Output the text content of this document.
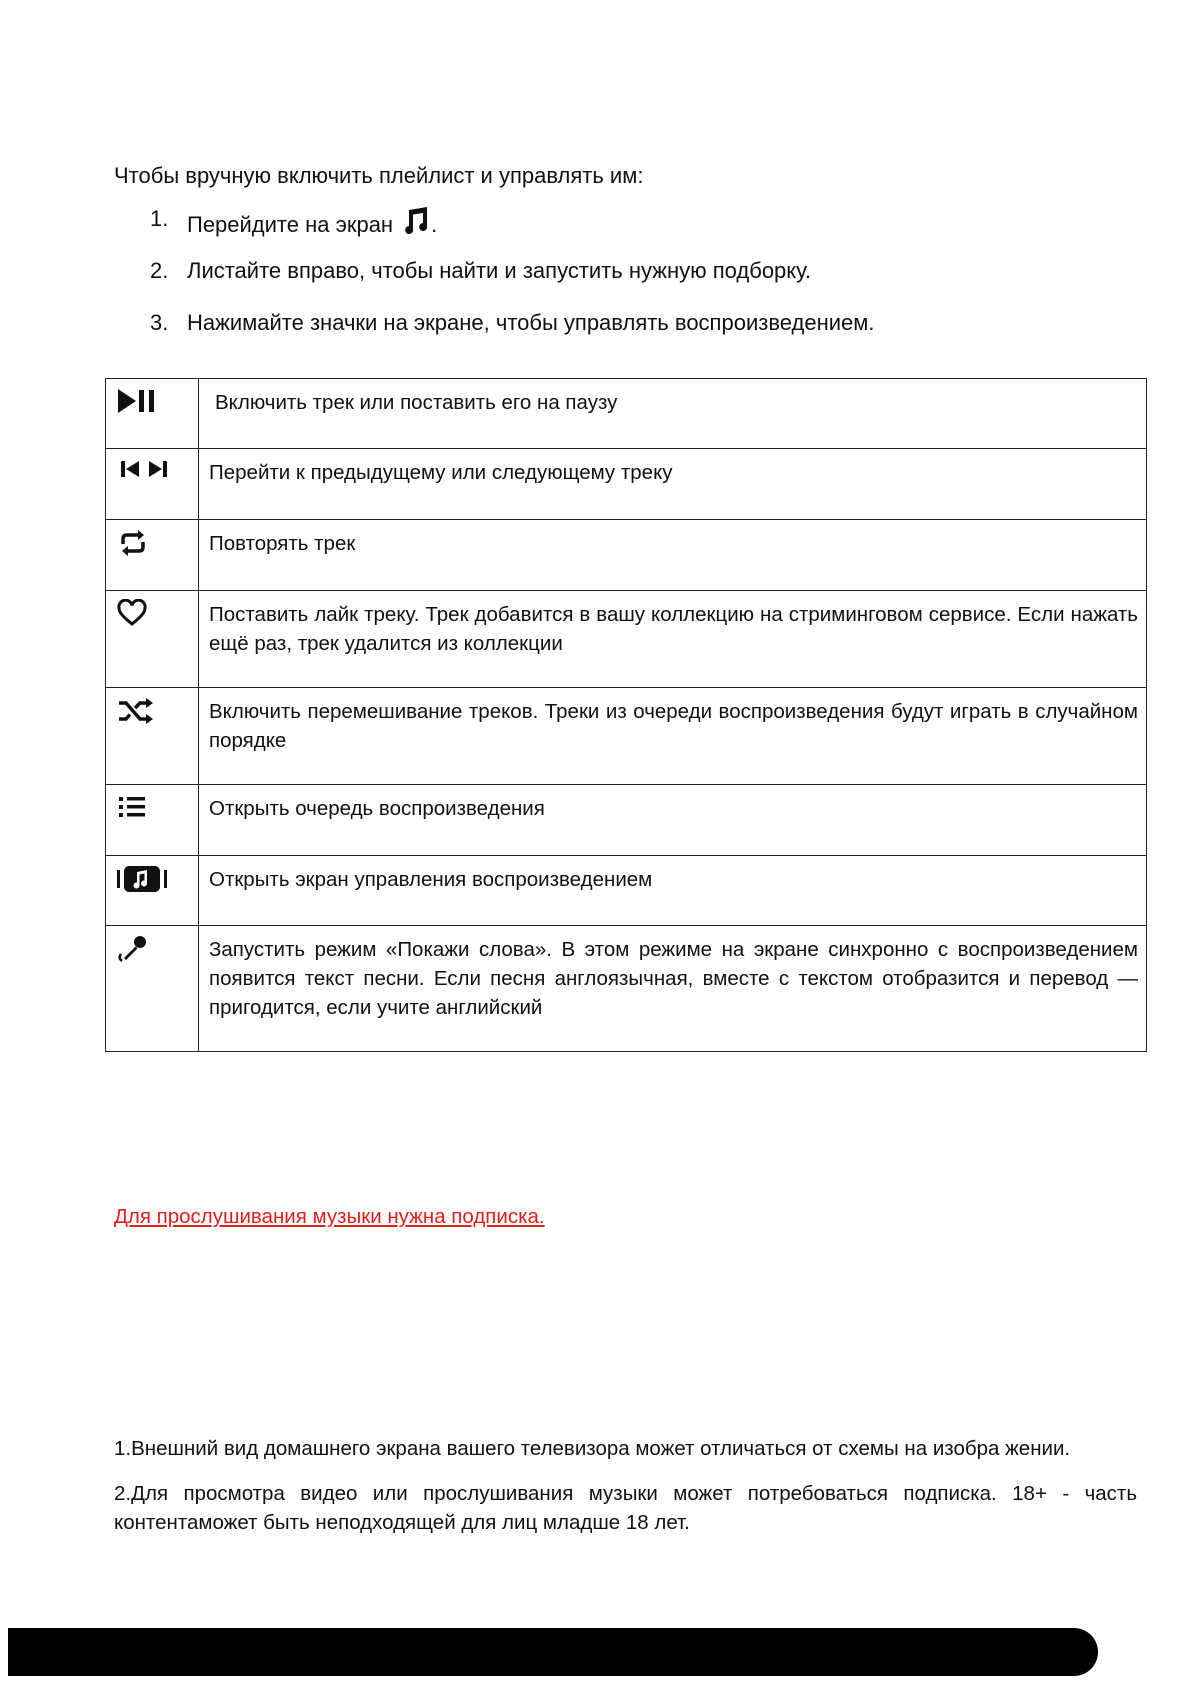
Чтобы вручную включить плейлист и управлять им:

1. Перейдите на экран .
2. Листайте вправо, чтобы найти и запустить нужную подборку.
3. Нажимайте значки на экране, чтобы управлять воспроизведением.
	Включить трек или поставить его на паузу

	Перейти к предыдущему или следующему треку

	Повторять трек

	Поставить лайк треку. Трек добавится в вашу коллекцию на стриминговом сервисе. Если нажать ещё раз, трек удалится из коллекции

	Включить перемешивание треков. Треки из очереди воспроизведения будут играть в случайном порядке

	Открыть очередь воспроизведения

	Открыть экран управления воспроизведением

	Запустить режим «Покажи слова». В этом режиме на экране синхронно с воспроизведением появится текст песни. Если песня англоязычная, вместе с текстом отобразится и перевод — пригодится, если учите английский

Для прослушивания музыки нужна подписка.

1.Внешний вид домашнего экрана вашего телевизора может отличаться от схемы на изобра жении.

2.Для просмотра видео или прослушивания музыки может потребоваться подписка. 18+ - часть контентаможет быть неподходящей для лиц младше 18 лет.
